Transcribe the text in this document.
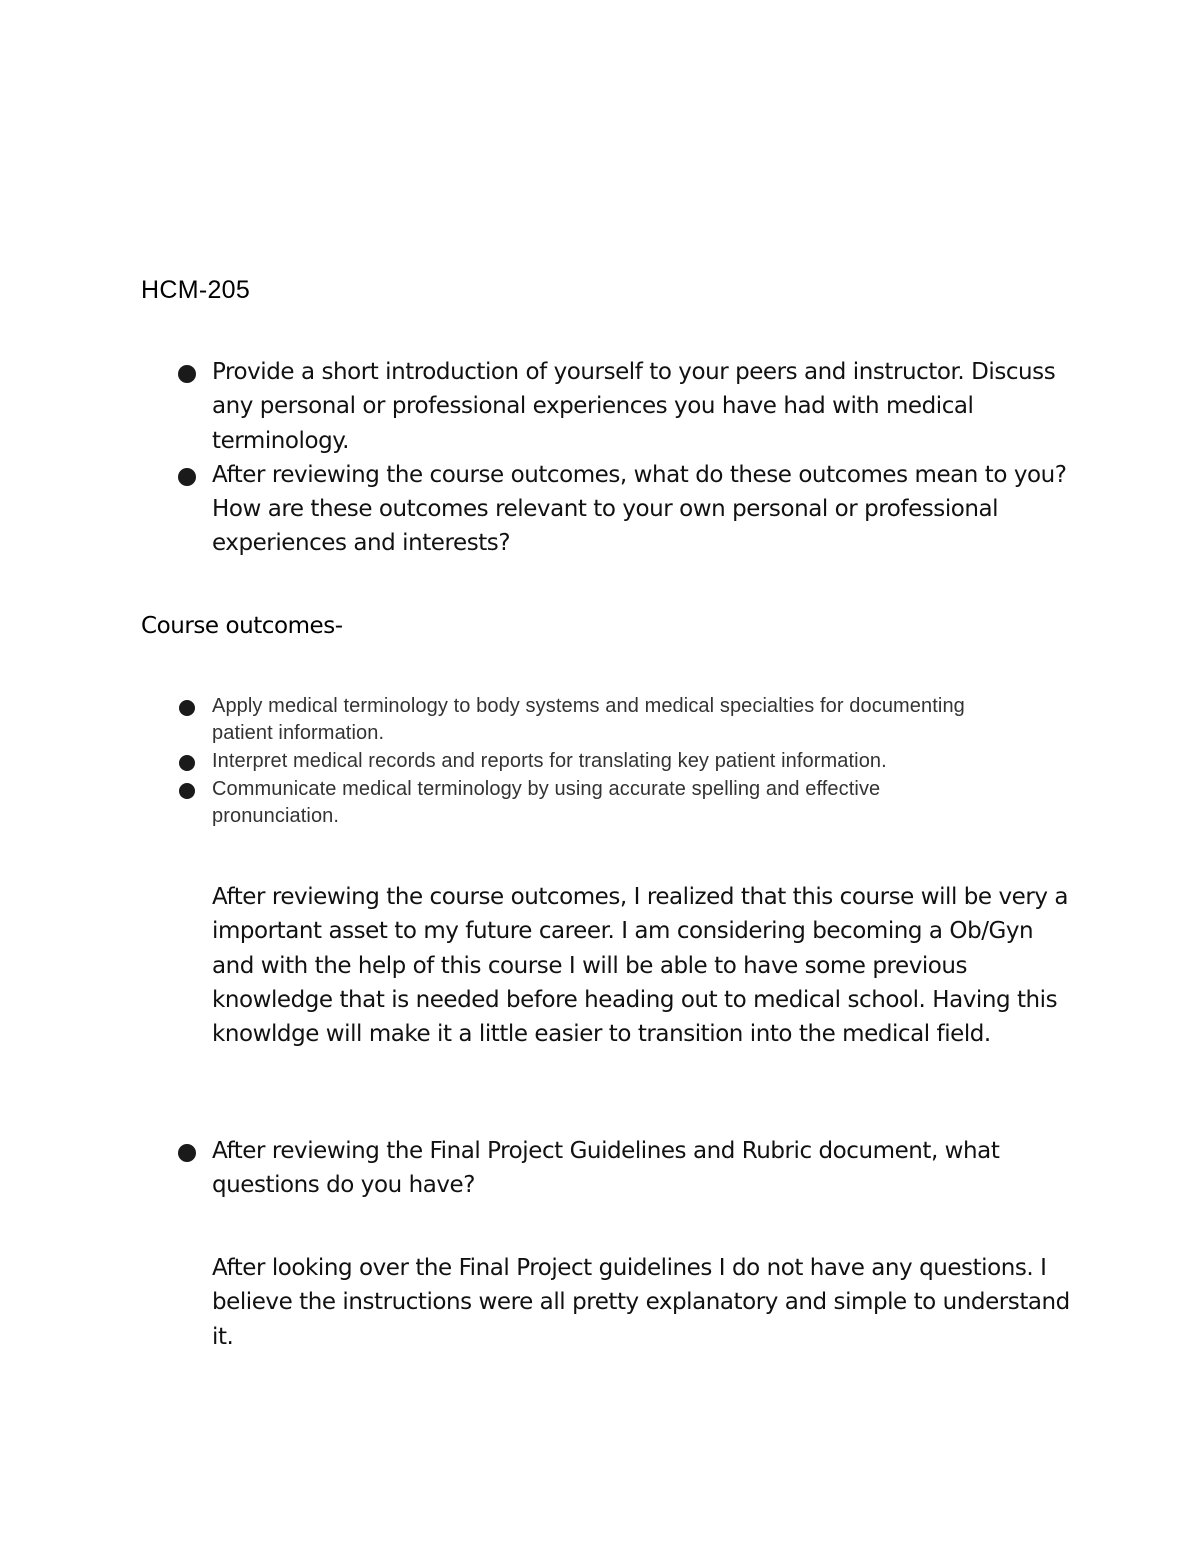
HCM-205
Provide a short introduction of yourself to your peers and instructor. Discuss any personal or professional experiences you have had with medical terminology.
After reviewing the course outcomes, what do these outcomes mean to you? How are these outcomes relevant to your own personal or professional experiences and interests?
Course outcomes-
Apply medical terminology to body systems and medical specialties for documenting patient information.
Interpret medical records and reports for translating key patient information.
Communicate medical terminology by using accurate spelling and effective pronunciation.

After reviewing the course outcomes, I realized that this course will be very a important asset to my future career. I am considering becoming a Ob/Gyn and with the help of this course I will be able to have some previous knowledge that is needed before heading out to medical school. Having this knowldge will make it a little easier to transition into the medical field.

After reviewing the Final Project Guidelines and Rubric document, what questions do you have?

After looking over the Final Project guidelines I do not have any questions. I believe the instructions were all pretty explanatory and simple to understand it.
